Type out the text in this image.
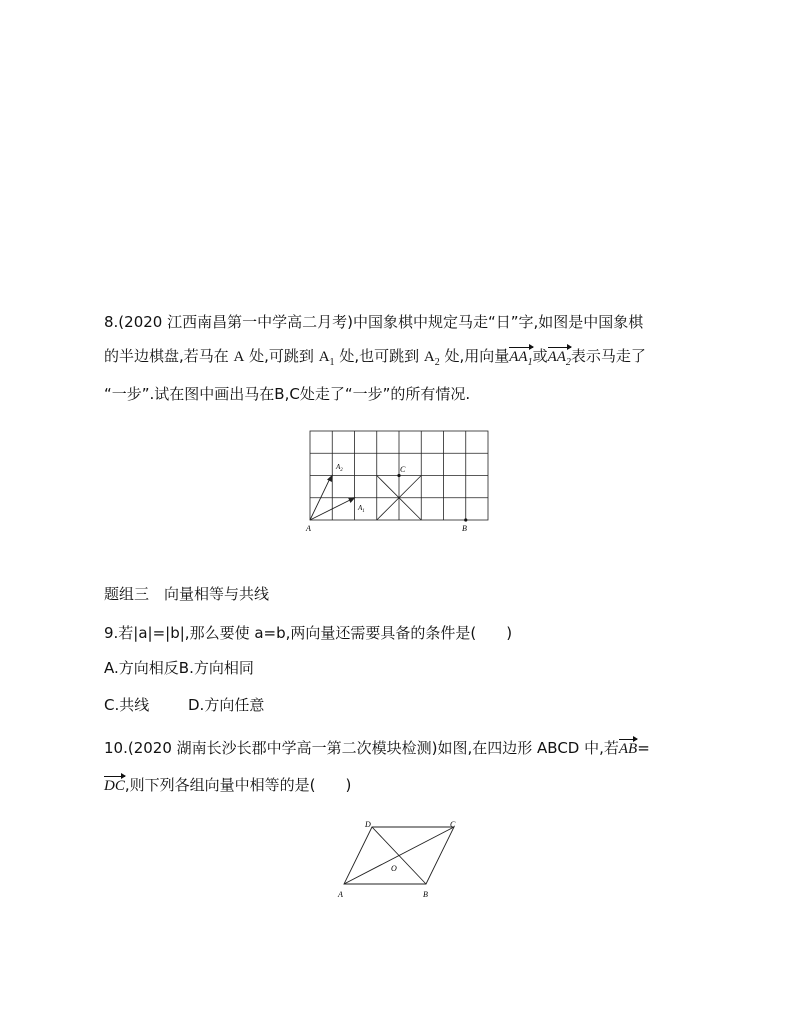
8.(2020 江西南昌第一中学高二月考)中国象棋中规定马走“日”字,如图是中国象棋
的半边棋盘,若马在 A 处,可跳到 $A_1$ 处,也可跳到 $A_2$ 处,用向量$AA_1$或$AA_2$表示马走了
“一步”.试在图中画出马在B,C处走了“一步”的所有情况.
A	B
C
$A_2$
$A_1$
题组三　向量相等与共线
9.若|a|=|b|,那么要使 a=b,两向量还需要具备的条件是(　　)
A.方向相反B.方向相同
C.共线	D.方向任意
10.(2020 湖南长沙长郡中学高一第二次模块检测)如图,在四边形 ABCD 中,若AB=
DC,则下列各组向量中相等的是(　　)
A	B
C
D
O
